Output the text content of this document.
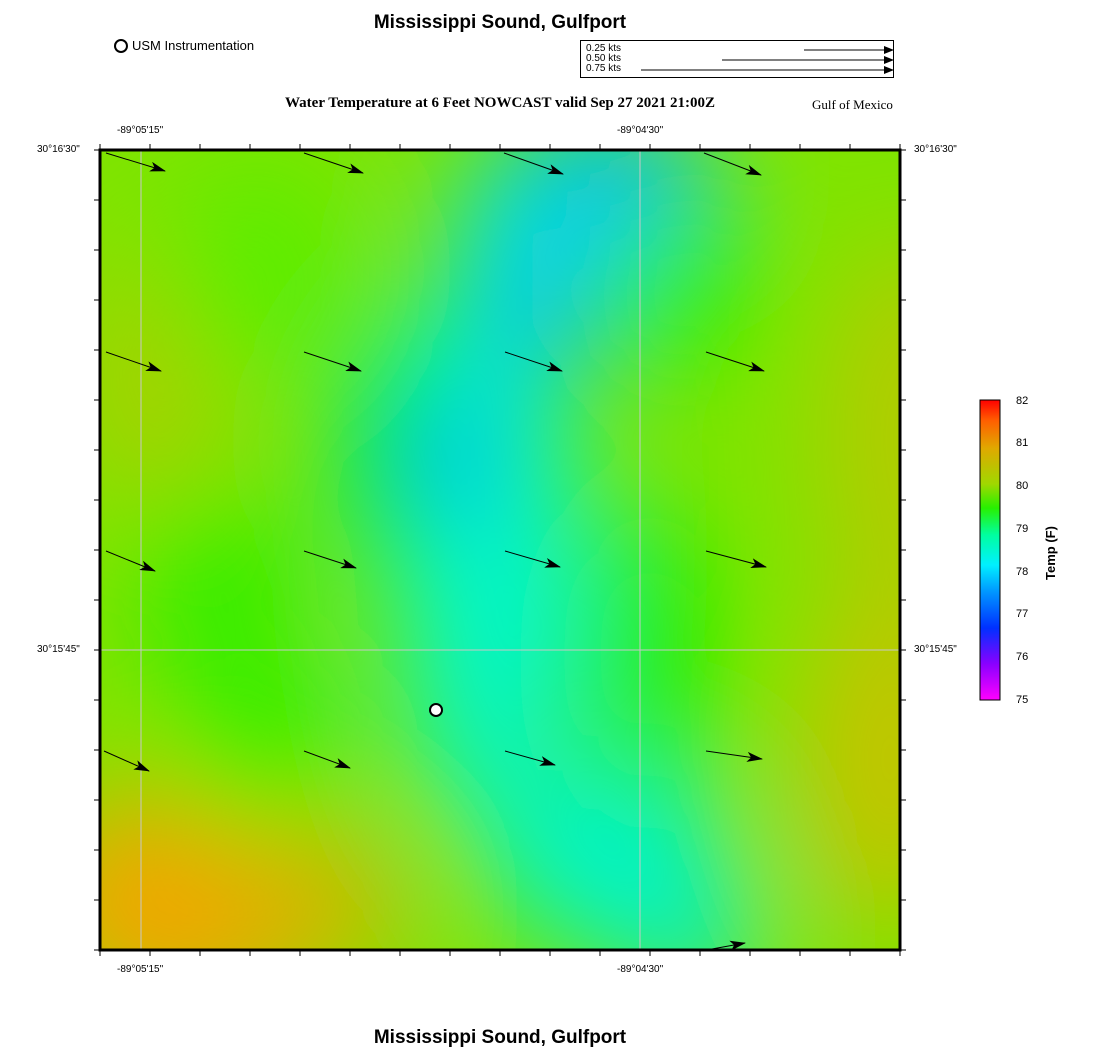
Mississippi Sound, Gulfport
USM Instrumentation	0.25 kts
0.50 kts
0.75 kts
Water Temperature at 6 Feet NOWCAST valid Sep 27 2021 21:00Z	Gulf of Mexico
-89°05'15"	-89°04'30"
-89°05'15"	-89°04'30"
30°16'30"
30°15'45"
30°16'30"
30°15'45"
82
81
80
79
78
77
76
75
Temp (F)
Mississippi Sound, Gulfport
